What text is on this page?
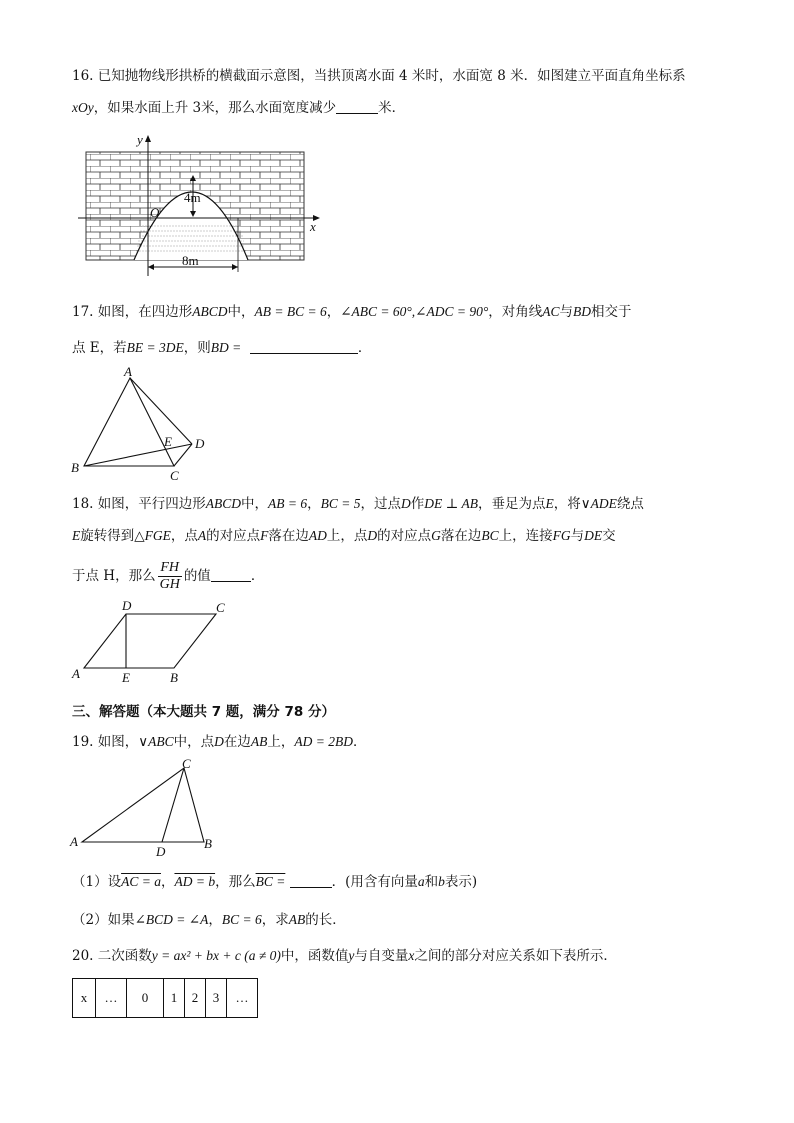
16. 已知抛物线形拱桥的横截面示意图，当拱顶离水面 4 米时，水面宽 8 米．如图建立平面直角坐标系
xOy，如果水面上升 3米，那么水面宽度减少	米．
y
x
O
4m
8m
17. 如图，在四边形ABCD中，AB = BC = 6，∠ABC = 60°,∠ADC = 90°，对角线AC与BD相交于
点 E，若BE = 3DE，则BD =	．
A
B
C
D
E
18. 如图，平行四边形ABCD中，AB = 6，BC = 5，过点D作DE ⊥ AB，垂足为点E，将∨ADE绕点
E旋转得到△FGE，点A的对应点F落在边AD上，点D的对应点G落在边BC上，连接FG与DE交
于点 H，那么 $\frac{FH}{GH}$ 的值	．
D	C
A	E	B
三、解答题（本大题共 7 题，满分 78 分）
19. 如图，∨ABC中，点D在边AB上，AD = 2BD．
C
A	B
D
（1）设AC = a，AD = b，那么BC =	．(用含有向量a和b表示)
（2）如果∠BCD = ∠A，BC = 6，求AB的长．
20. 二次函数y = ax² + bx + c (a ≠ 0)中，函数值y与自变量x之间的部分对应关系如下表所示．
x	…	0	1	2	3	…
